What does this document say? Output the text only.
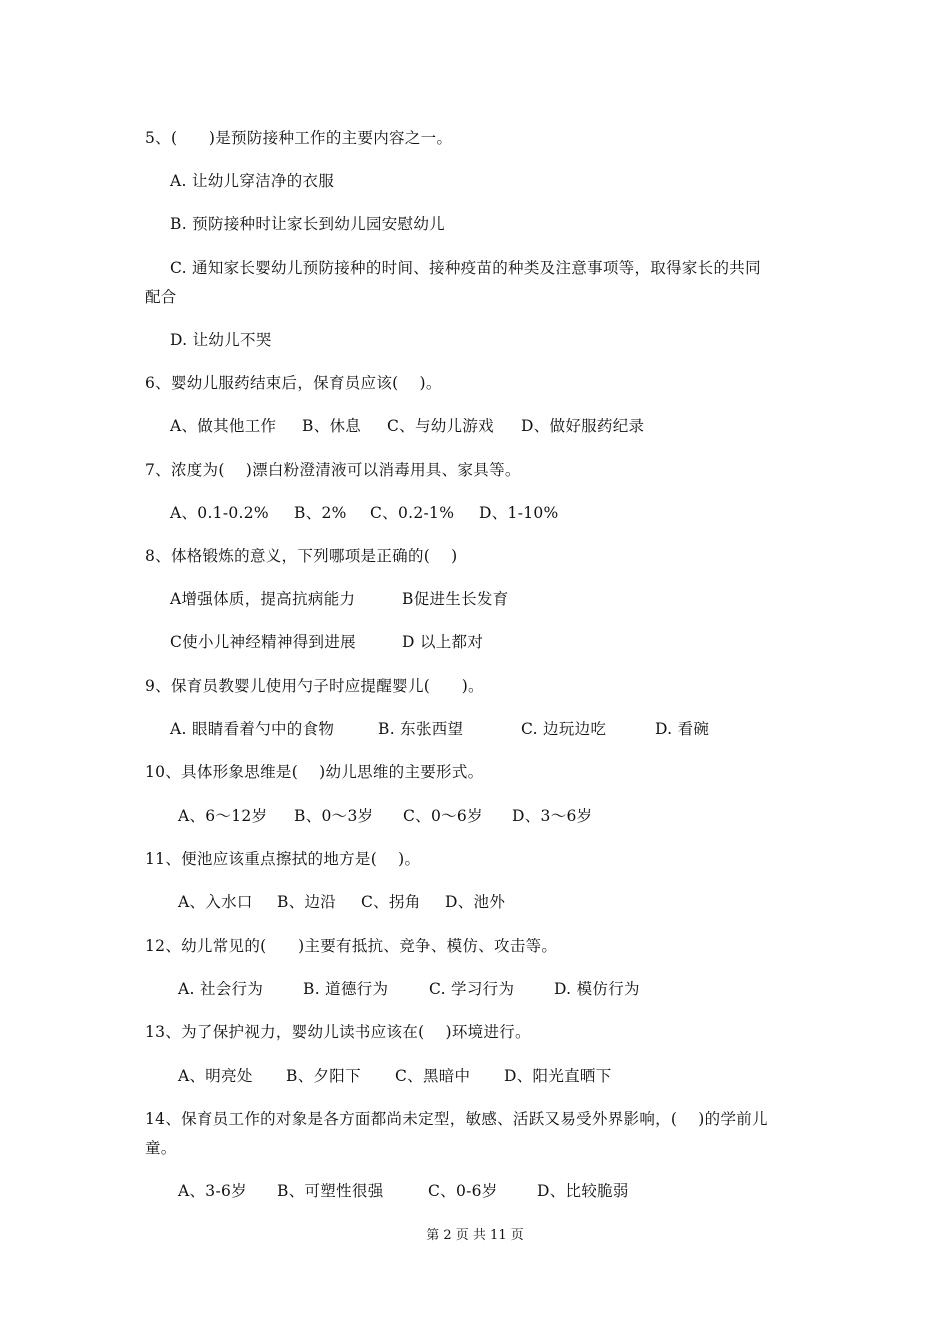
5、(　　)是预防接种工作的主要内容之一。
A. 让幼儿穿洁净的衣服
B. 预防接种时让家长到幼儿园安慰幼儿
C. 通知家长婴幼儿预防接种的时间、接种疫苗的种类及注意事项等，取得家长的共同
配合
D. 让幼儿不哭
6、婴幼儿服药结束后，保育员应该(　 )。
A、做其他工作 B、休息 C、与幼儿游戏 D、做好服药纪录
7、浓度为(　 )漂白粉澄清液可以消毒用具、家具等。
A、0.1-0.2% B、2% C、0.2-1% D、1-10%
8、体格锻炼的意义，下列哪项是正确的(　 )
A增强体质，提高抗病能力	B促进生长发育
C使小儿神经精神得到进展	D 以上都对
9、保育员教婴儿使用勺子时应提醒婴儿(　　)。
A. 眼睛看着勺中的食物	B. 东张西望	C. 边玩边吃	D. 看碗
10、具体形象思维是(　 )幼儿思维的主要形式。
A、6～12岁 B、0～3岁 C、0～6岁 D、3～6岁
11、便池应该重点擦拭的地方是(　 )。
A、入水口 B、边沿 C、拐角 D、池外
12、幼儿常见的(　　)主要有抵抗、竞争、模仿、攻击等。
A. 社会行为	B. 道德行为	C. 学习行为	D. 模仿行为
13、为了保护视力，婴幼儿读书应该在(　 )环境进行。
A、明亮处 B、夕阳下 C、黑暗中 D、阳光直晒下
14、保育员工作的对象是各方面都尚未定型，敏感、活跃又易受外界影响，(　 )的学前儿
童。
A、3-6岁 B、可塑性很强	C、0-6岁	D、比较脆弱
第 2 页 共 11 页
